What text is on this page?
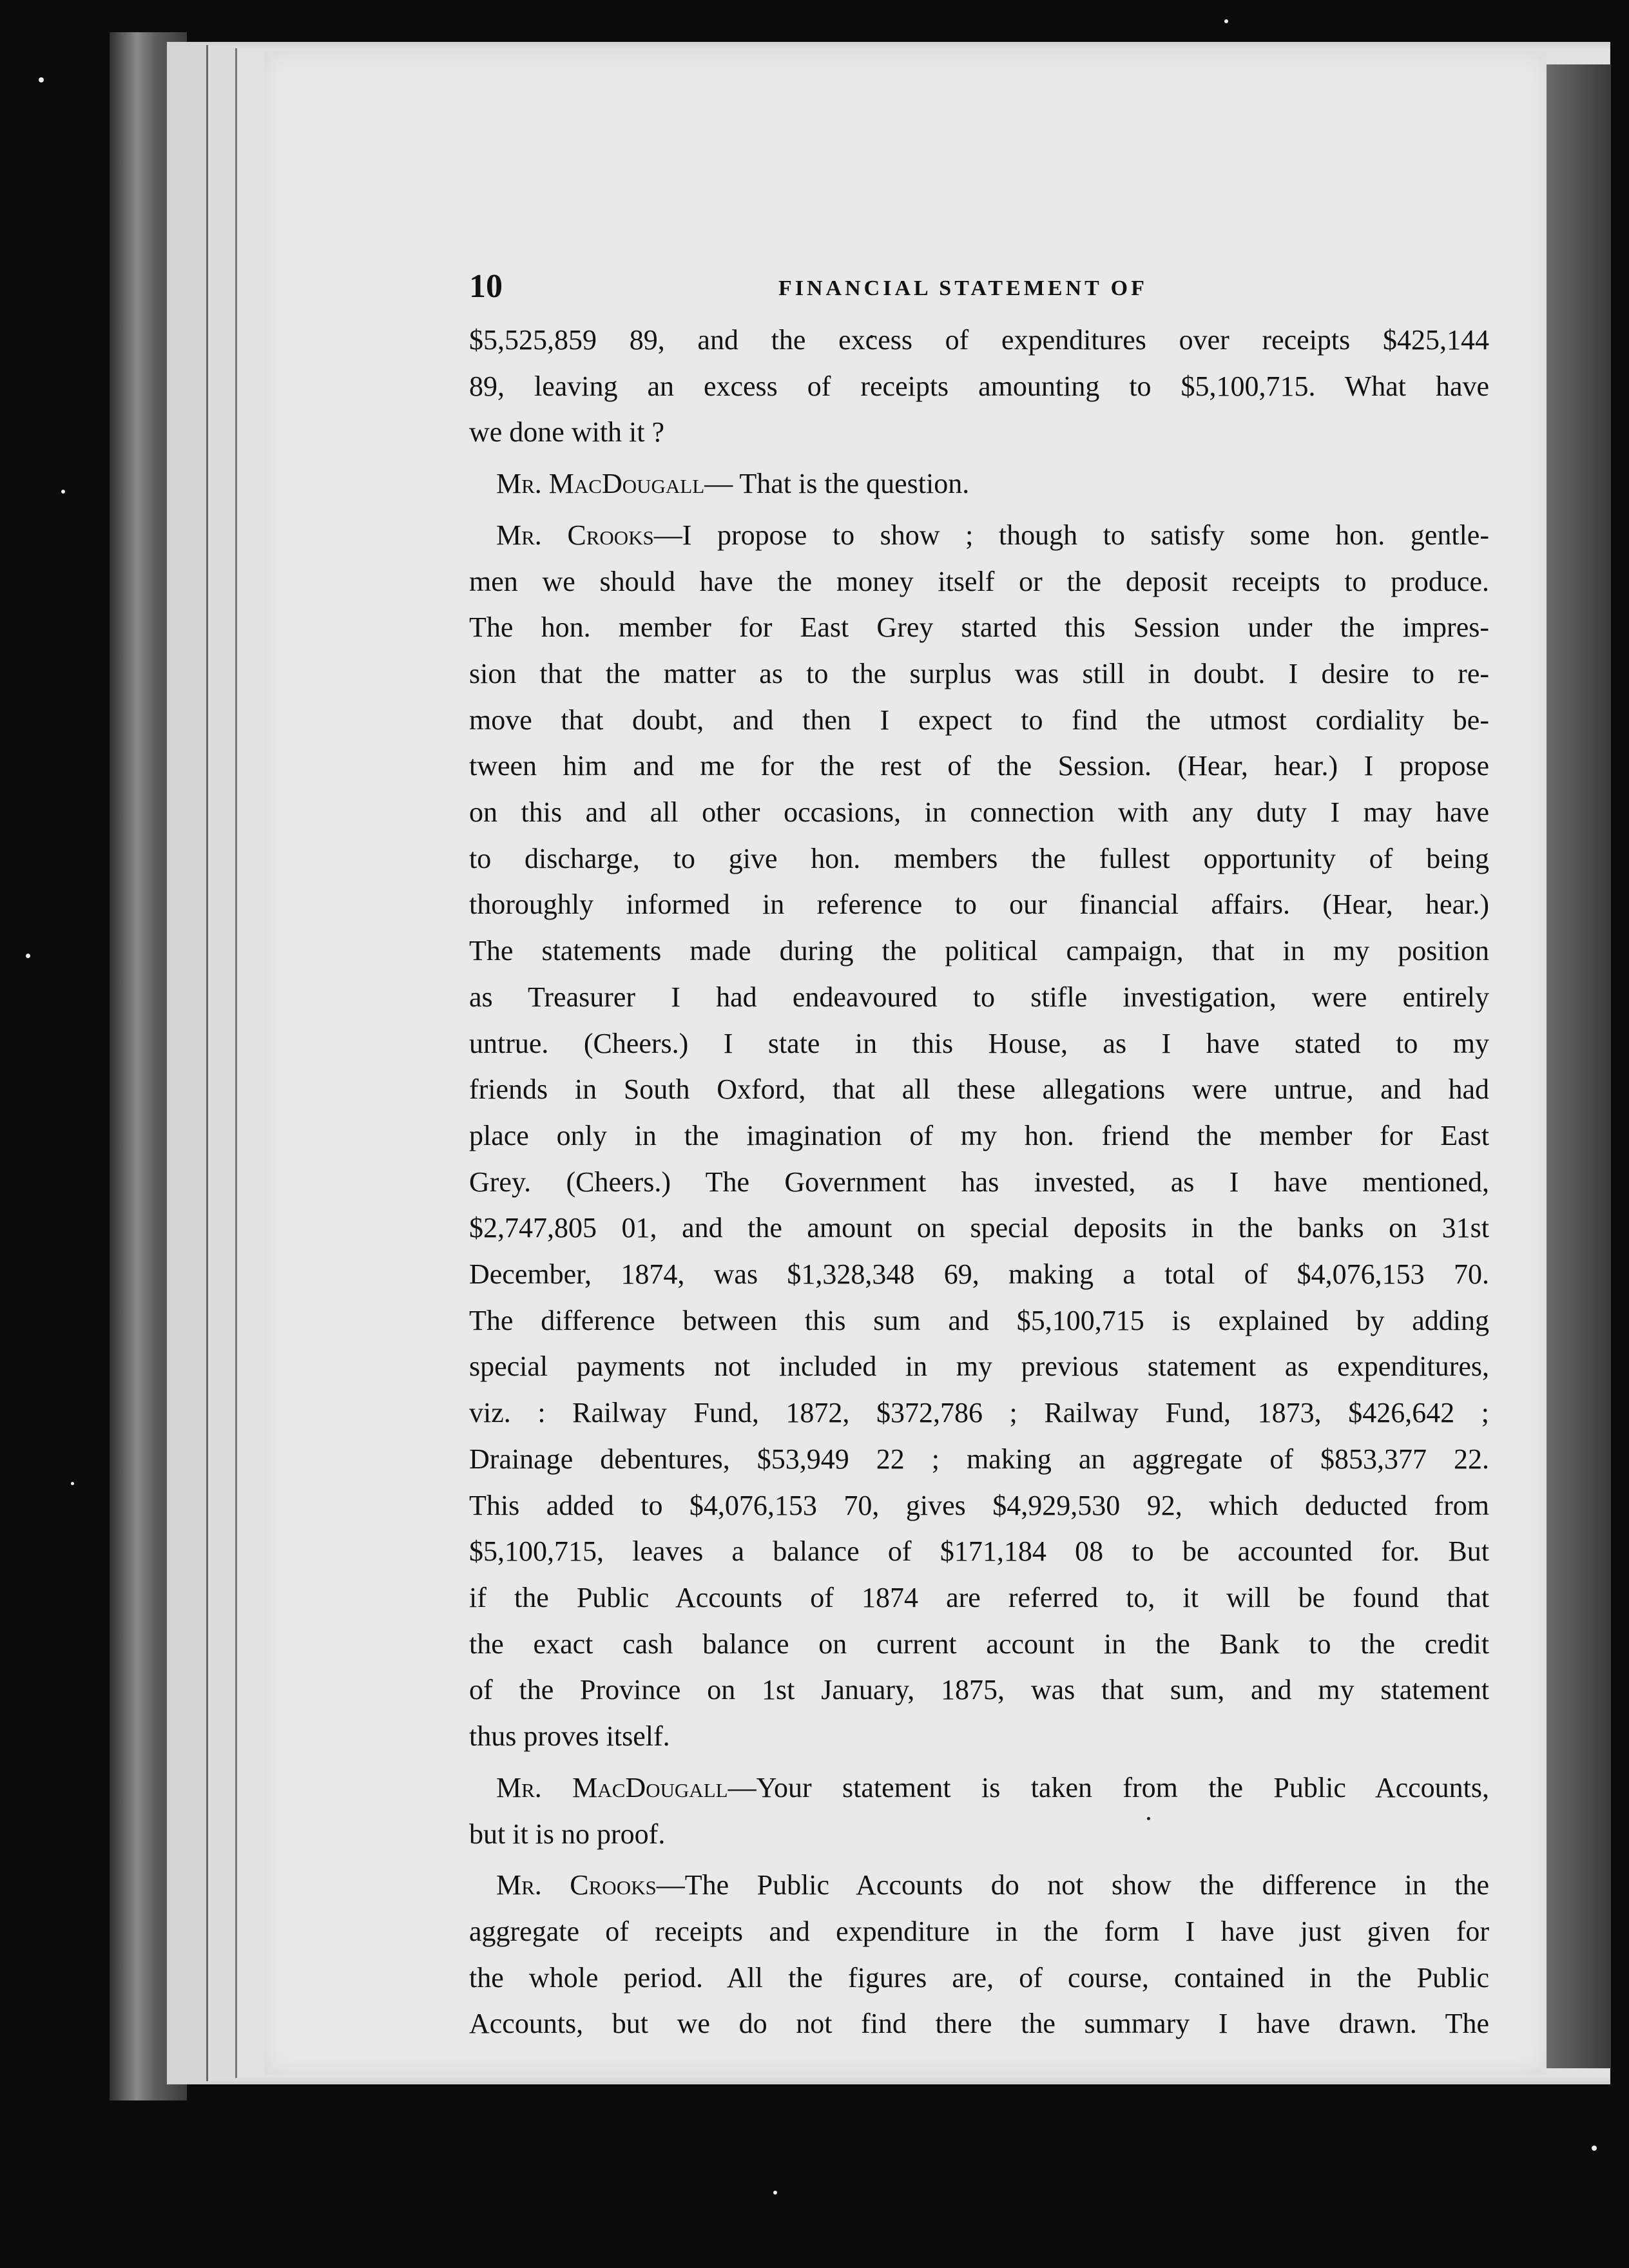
10	FINANCIAL STATEMENT OF

$5,525,859 89, and the excess of expenditures over receipts $425,144

89, leaving an excess of receipts amounting to $5,100,715. What have

we done with it ?

Mr. MacDougall— That is the question.

Mr. Crooks—I propose to show ; though to satisfy some hon. gentle-

men we should have the money itself or the deposit receipts to produce.

The hon. member for East Grey started this Session under the impres-

sion that the matter as to the surplus was still in doubt. I desire to re-

move that doubt, and then I expect to find the utmost cordiality be-

tween him and me for the rest of the Session. (Hear, hear.) I propose

on this and all other occasions, in connection with any duty I may have

to discharge, to give hon. members the fullest opportunity of being

thoroughly informed in reference to our financial affairs. (Hear, hear.)

The statements made during the political campaign, that in my position

as Treasurer I had endeavoured to stifle investigation, were entirely

untrue. (Cheers.) I state in this House, as I have stated to my

friends in South Oxford, that all these allegations were untrue, and had

place only in the imagination of my hon. friend the member for East

Grey. (Cheers.) The Government has invested, as I have mentioned,

$2,747,805 01, and the amount on special deposits in the banks on 31st

December, 1874, was $1,328,348 69, making a total of $4,076,153 70.

The difference between this sum and $5,100,715 is explained by adding

special payments not included in my previous statement as expenditures,

viz. : Railway Fund, 1872, $372,786 ; Railway Fund, 1873, $426,642 ;

Drainage debentures, $53,949 22 ; making an aggregate of $853,377 22.

This added to $4,076,153 70, gives $4,929,530 92, which deducted from

$5,100,715, leaves a balance of $171,184 08 to be accounted for. But

if the Public Accounts of 1874 are referred to, it will be found that

the exact cash balance on current account in the Bank to the credit

of the Province on 1st January, 1875, was that sum, and my statement

thus proves itself.

Mr. MacDougall—Your statement is taken from the Public Accounts,

but it is no proof.

Mr. Crooks—The Public Accounts do not show the difference in the

aggregate of receipts and expenditure in the form I have just given for

the whole period. All the figures are, of course, contained in the Public

Accounts, but we do not find there the summary I have drawn. The
